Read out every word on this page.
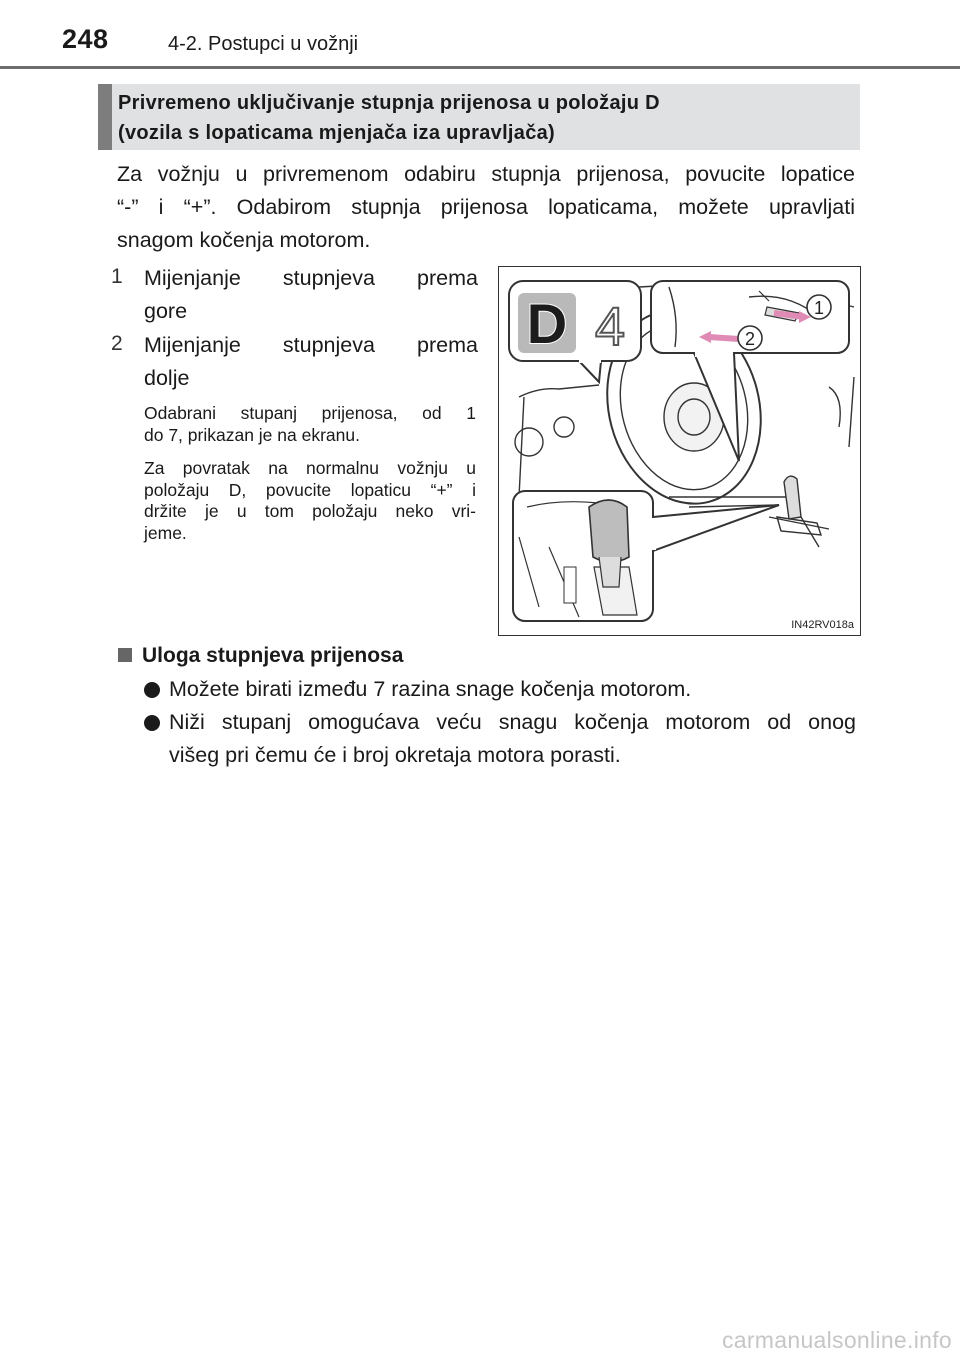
248	4-2. Postupci u vožnji
Privremeno uključivanje stupnja prijenosa u položaju D
(vozila s lopaticama mjenjača iza upravljača)
Za vožnju u privremenom odabiru stupnja prijenosa, povucite lopatice
“-” i “+”. Odabirom stupnja prijenosa lopaticama, možete upravljati
snagom kočenja motorom.
1 Mijenjanje stupnjeva prema
gore
2 Mijenjanje stupnjeva prema
dolje
Odabrani stupanj prijenosa, od 1
do 7, prikazan je na ekranu.
Za povratak na normalnu vožnju u
položaju D, povucite lopaticu “+” i
držite je u tom položaju neko vri-
jeme.
D 4	1
2
IN42RV018a
Uloga stupnjeva prijenosa
Možete birati između 7 razina snage kočenja motorom.
Niži stupanj omogućava veću snagu kočenja motorom od onog
višeg pri čemu će i broj okretaja motora porasti.
carmanualsonline.info
